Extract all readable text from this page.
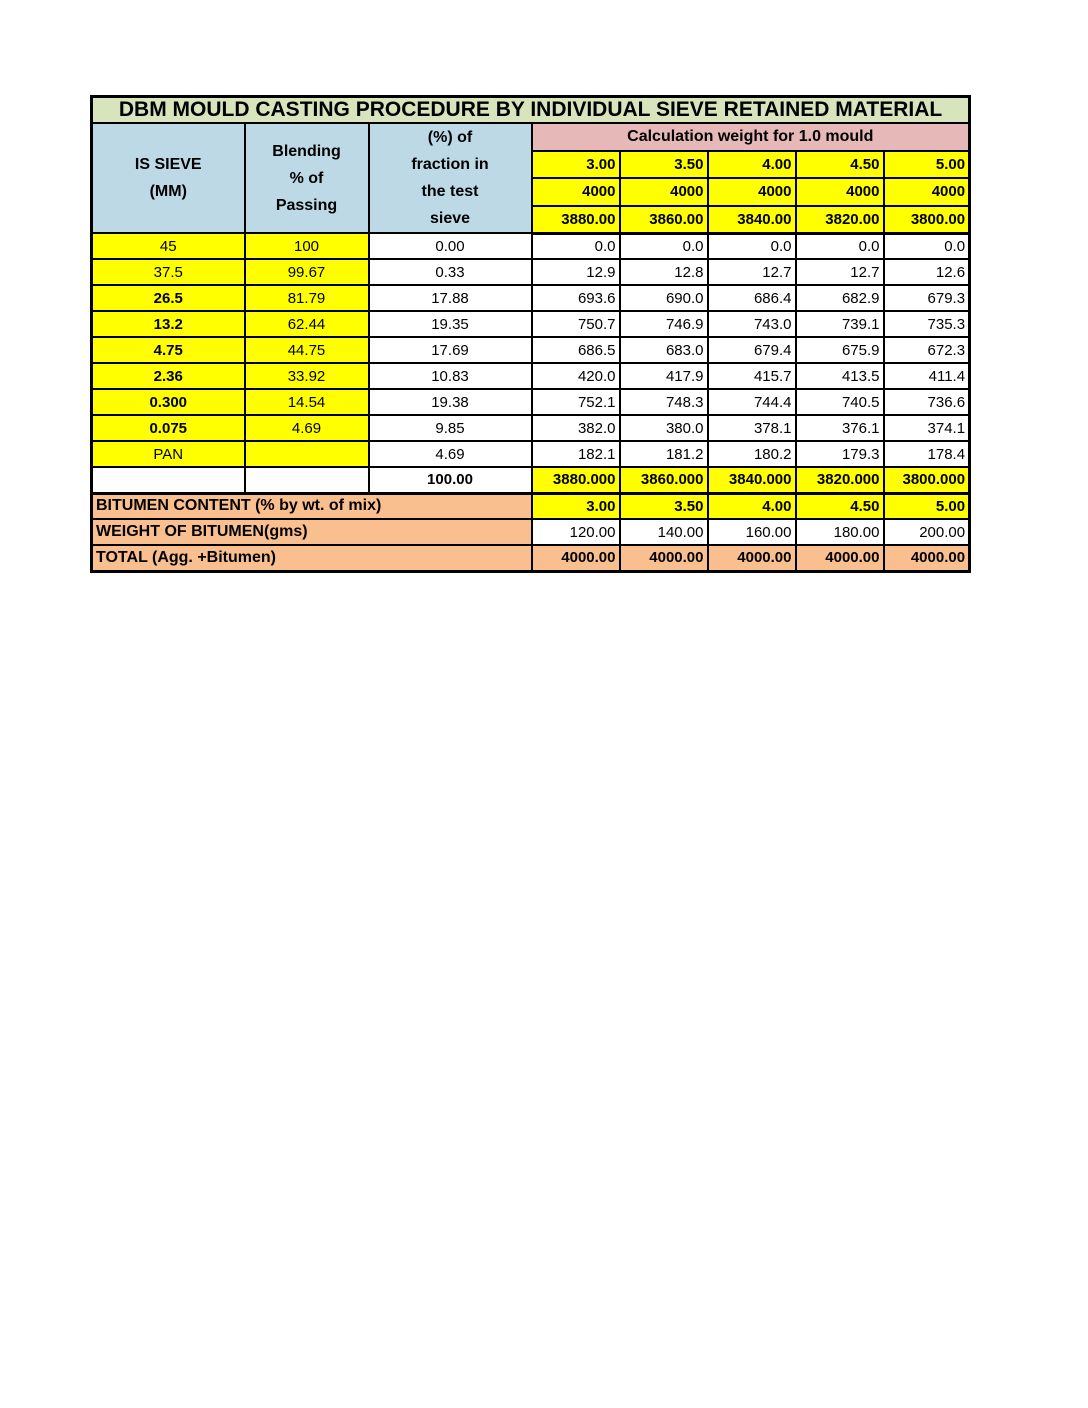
DBM MOULD CASTING PROCEDURE BY INDIVIDUAL SIEVE RETAINED MATERIAL							

IS SIEVE
(MM)

Blending
% of
Passing

(%) of
fraction in
the test
sieve
	Calculation weight for 1.0 mould
			3.00	3.50	4.00	4.50	5.00
			4000	4000	4000	4000	4000
			3880.00	3860.00	3840.00	3820.00	3800.00
45	100	0.00	0.0	0.0	0.0	0.0	0.0
37.5	99.67	0.33	12.9	12.8	12.7	12.7	12.6
26.5	81.79	17.88	693.6	690.0	686.4	682.9	679.3
13.2	62.44	19.35	750.7	746.9	743.0	739.1	735.3
4.75	44.75	17.69	686.5	683.0	679.4	675.9	672.3
2.36	33.92	10.83	420.0	417.9	415.7	413.5	411.4
0.300	14.54	19.38	752.1	748.3	744.4	740.5	736.6
0.075	4.69	9.85	382.0	380.0	378.1	376.1	374.1
PAN		4.69	182.1	181.2	180.2	179.3	178.4
		100.00	3880.000	3860.000	3840.000	3820.000	3800.000
BITUMEN CONTENT (% by wt. of mix)			3.00	3.50	4.00	4.50	5.00
WEIGHT OF BITUMEN(gms)			120.00	140.00	160.00	180.00	200.00
TOTAL (Agg. +Bitumen)			4000.00	4000.00	4000.00	4000.00	4000.00
